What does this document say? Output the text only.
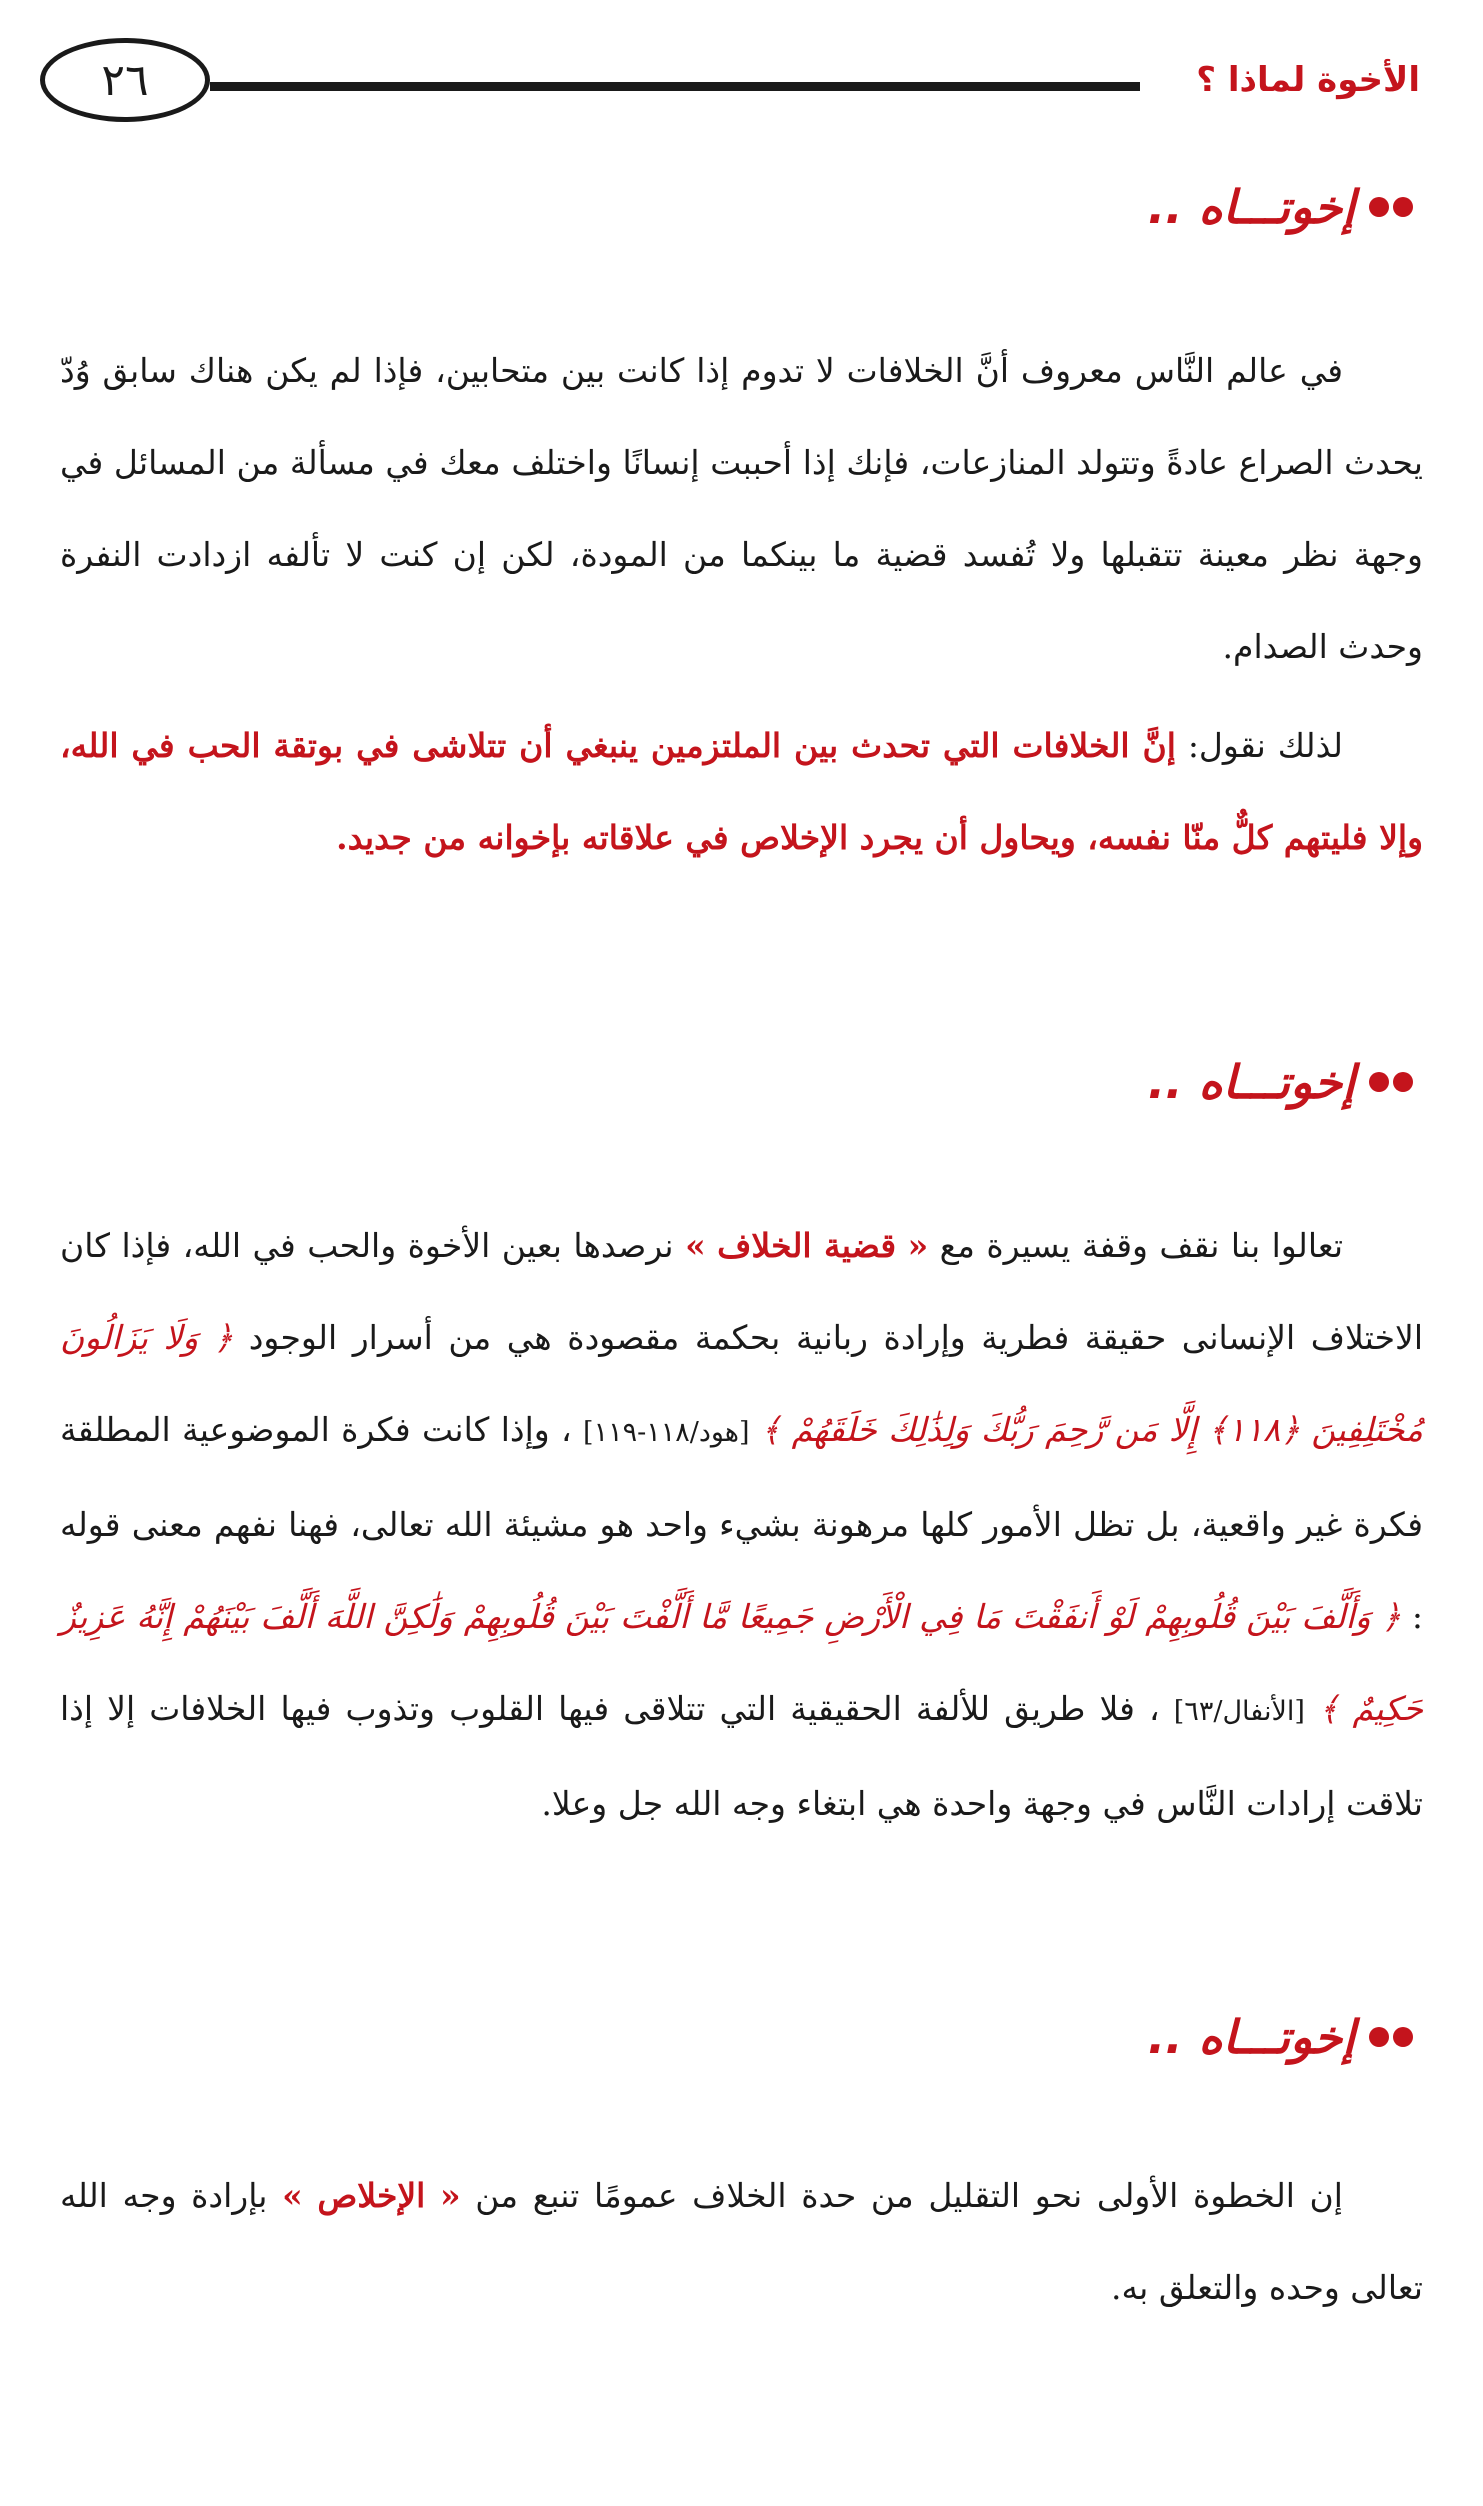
الأخوة لماذا ؟
٢٦
إخوتـــاه ..

في عالم النَّاس معروف أنَّ الخلافات لا تدوم إذا كانت بين متحابين، فإذا لم يكن هناك سابق وُدّ يحدث الصراع عادةً وتتولد المنازعات، فإنك إذا أحببت إنسانًا واختلف معك في مسألة من المسائل في وجهة نظر معينة تتقبلها ولا تُفسد قضية ما بينكما من المودة، لكن إن كنت لا تألفه ازدادت النفرة وحدث الصدام.

لذلك نقول: إنَّ الخلافات التي تحدث بين الملتزمين ينبغي أن تتلاشى في بوتقة الحب في الله، وإلا فليتهم كلٌّ منّا نفسه، ويحاول أن يجرد الإخلاص في علاقاته بإخوانه من جديد.

إخوتـــاه ..

تعالوا بنا نقف وقفة يسيرة مع « قضية الخلاف » نرصدها بعين الأخوة والحب في الله، فإذا كان الاختلاف الإنسانى حقيقة فطرية وإرادة ربانية بحكمة مقصودة هي من أسرار الوجود ﴿ وَلَا يَزَالُونَ مُخْتَلِفِينَ ﴿١١٨﴾ إِلَّا مَن رَّحِمَ رَبُّكَ وَلِذَٰلِكَ خَلَقَهُمْ ﴾ [هود/١١٨-١١٩] ، وإذا كانت فكرة الموضوعية المطلقة فكرة غير واقعية، بل تظل الأمور كلها مرهونة بشيء واحد هو مشيئة الله تعالى، فهنا نفهم معنى قوله : ﴿ وَأَلَّفَ بَيْنَ قُلُوبِهِمْ لَوْ أَنفَقْتَ مَا فِي الْأَرْضِ جَمِيعًا مَّا أَلَّفْتَ بَيْنَ قُلُوبِهِمْ وَلَٰكِنَّ اللَّهَ أَلَّفَ بَيْنَهُمْ إِنَّهُ عَزِيزٌ حَكِيمٌ ﴾ [الأنفال/٦٣] ، فلا طريق للألفة الحقيقية التي تتلاقى فيها القلوب وتذوب فيها الخلافات إلا إذا تلاقت إرادات النَّاس في وجهة واحدة هي ابتغاء وجه الله جل وعلا.

إخوتـــاه ..

إن الخطوة الأولى نحو التقليل من حدة الخلاف عمومًا تنبع من « الإخلاص » بإرادة وجه الله تعالى وحده والتعلق به.
